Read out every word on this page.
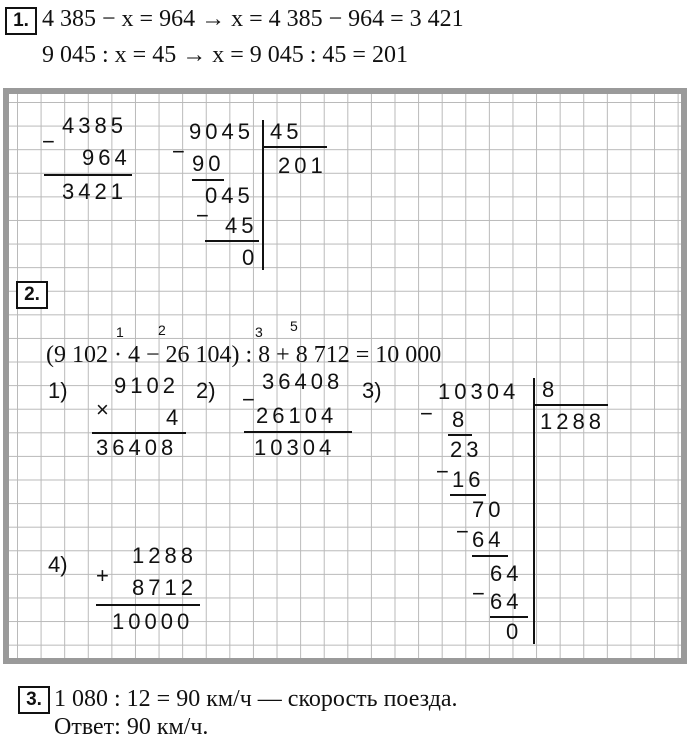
1. 4 385 − x = 964 → x = 4 385 − 964 = 3 421
9 045 : x = 45 → x = 9 045 : 45 = 201
4385
−
964
3421
9045 45
201
− 90
045
− 45
0
2.
1 2	3 5
(9 102 · 4 − 26 104) : 8 + 8 712 = 10 000
1)	2)	3)
4)
9102
× 4
36408
36408
−
26104
10304
10304 8
1288
− 8
23
− 16
70
− 64
64
− 64
0
1288
+ 8712
10000
3. 1 080 : 12 = 90 км/ч — скорость поезда.
Ответ: 90 км/ч.
